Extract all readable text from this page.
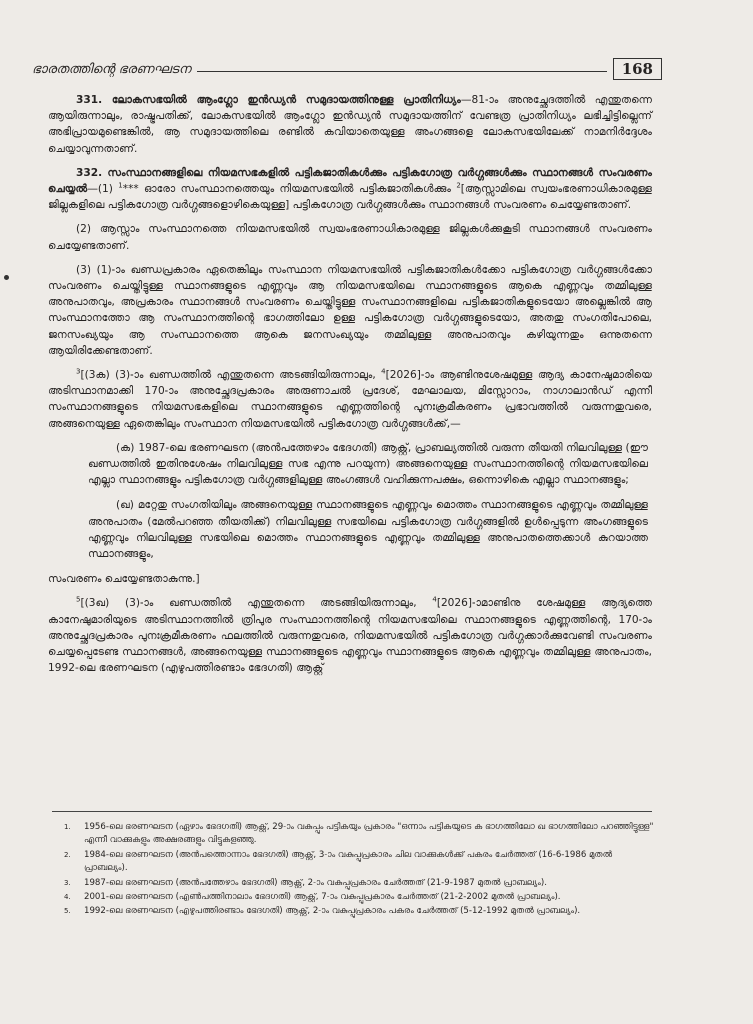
ഭാരതത്തിന്റെ ഭരണഘടന	168

331. ലോകസഭയിൽ ആംഗ്ലോ ഇൻഡ്യൻ സമുദായത്തിനുള്ള പ്രാതിനിധ്യം—81-ാം അനുച്ഛേദത്തിൽ എന്തുതന്നെ ആയിരുന്നാലും, രാഷ്ട്രപതിക്ക്, ലോകസഭയിൽ ആംഗ്ലോ ഇൻഡ്യൻ സമുദായത്തിന് വേണ്ടത്ര പ്രാതിനിധ്യം ലഭിച്ചിട്ടില്ലെന്ന് അഭിപ്രായമുണ്ടെങ്കിൽ, ആ സമുദായത്തിലെ രണ്ടിൽ കവിയാതെയുള്ള അംഗങ്ങളെ ലോകസഭയിലേക്ക് നാമനിർദ്ദേശം ചെയ്യാവുന്നതാണ്.

332. സംസ്ഥാനങ്ങളിലെ നിയമസഭകളിൽ പട്ടികജാതികൾക്കും പട്ടികഗോത്ര വർഗ്ഗങ്ങൾക്കും സ്ഥാനങ്ങൾ സംവരണം ചെയ്യൽ—(1) $^1$*** ഓരോ സംസ്ഥാനത്തെയും നിയമസഭയിൽ പട്ടികജാതികൾക്കും $^2$[ആസ്സാമിലെ സ്വയംഭരണാധികാരമുള്ള ജില്ലകളിലെ പട്ടികഗോത്ര വർഗ്ഗങ്ങളൊഴികെയുള്ള] പട്ടികഗോത്ര വർഗ്ഗങ്ങൾക്കും സ്ഥാനങ്ങൾ സംവരണം ചെയ്യേണ്ടതാണ്.

(2) ആസ്സാം സംസ്ഥാനത്തെ നിയമസഭയിൽ സ്വയംഭരണാധികാരമുള്ള ജില്ലകൾക്കുകൂടി സ്ഥാനങ്ങൾ സംവരണം ചെയ്യേണ്ടതാണ്.

(3) (1)-ാം ഖണ്ഡപ്രകാരം ഏതെങ്കിലും സംസ്ഥാന നിയമസഭയിൽ പട്ടികജാതികൾക്കോ പട്ടികഗോത്ര വർഗ്ഗങ്ങൾക്കോ സംവരണം ചെയ്തിട്ടുള്ള സ്ഥാനങ്ങളുടെ എണ്ണവും ആ നിയമസഭയിലെ സ്ഥാനങ്ങളുടെ ആകെ എണ്ണവും തമ്മിലുള്ള അനുപാതവും, അപ്രകാരം സ്ഥാനങ്ങൾ സംവരണം ചെയ്തിട്ടുള്ള സംസ്ഥാനങ്ങളിലെ പട്ടികജാതികളുടെയോ അല്ലെങ്കിൽ ആ സംസ്ഥാനത്തോ ആ സംസ്ഥാനത്തിന്റെ ഭാഗത്തിലോ ഉള്ള പട്ടികഗോത്ര വർഗ്ഗങ്ങളുടെയോ, അതതു സംഗതിപോലെ, ജനസംഖ്യയും ആ സംസ്ഥാനത്തെ ആകെ ജനസംഖ്യയും തമ്മിലുള്ള അനുപാതവും കഴിയുന്നതും ഒന്നുതന്നെ ആയിരിക്കേണ്ടതാണ്.

$^3$[(3ക) (3)-ാം ഖണ്ഡത്തിൽ എന്തുതന്നെ അടങ്ങിയിരുന്നാലും, $^4$[2026]-ാം ആണ്ടിനുശേഷമുള്ള ആദ്യ കാനേഷുമാരിയെ അടിസ്ഥാനമാക്കി 170-ാം അനുച്ഛേദപ്രകാരം അരുണാചൽ പ്രദേശ്, മേഘാലയ, മിസ്സോറാം, നാഗാലാൻഡ് എന്നീ സംസ്ഥാനങ്ങളുടെ നിയമസഭകളിലെ സ്ഥാനങ്ങളുടെ എണ്ണത്തിന്റെ പുനഃക്രമീകരണം പ്രഭാവത്തിൽ വരുന്നതുവരെ, അങ്ങനെയുള്ള ഏതെങ്കിലും സംസ്ഥാന നിയമസഭയിൽ പട്ടികഗോത്ര വർഗ്ഗങ്ങൾക്ക്,—

(ക) 1987-ലെ ഭരണഘടന (അൻപത്തേഴാം ഭേദഗതി) ആക്റ്റ്, പ്രാബല്യത്തിൽ വരുന്ന തീയതി നിലവിലുള്ള (ഈ ഖണ്ഡത്തിൽ ഇതിനുശേഷം നിലവിലുള്ള സഭ എന്നു പറയുന്ന) അങ്ങനെയുള്ള സംസ്ഥാനത്തിന്റെ നിയമസഭയിലെ എല്ലാ സ്ഥാനങ്ങളും പട്ടികഗോത്ര വർഗ്ഗങ്ങളിലുള്ള അംഗങ്ങൾ വഹിക്കുന്നപക്ഷം, ഒന്നൊഴികെ എല്ലാ സ്ഥാനങ്ങളും;

(ഖ) മറ്റേതു സംഗതിയിലും അങ്ങനെയുള്ള സ്ഥാനങ്ങളുടെ എണ്ണവും മൊത്തം സ്ഥാനങ്ങളുടെ എണ്ണവും തമ്മിലുള്ള അനുപാതം (മേൽപറഞ്ഞ തീയതിക്ക്) നിലവിലുള്ള സഭയിലെ പട്ടികഗോത്ര വർഗ്ഗങ്ങളിൽ ഉൾപ്പെടുന്ന അംഗങ്ങളുടെ എണ്ണവും നിലവിലുള്ള സഭയിലെ മൊത്തം സ്ഥാനങ്ങളുടെ എണ്ണവും തമ്മിലുള്ള അനുപാതത്തെക്കാൾ കുറയാത്ത സ്ഥാനങ്ങളും,

സംവരണം ചെയ്യേണ്ടതാകുന്നു.]

$^5$[(3ഖ) (3)-ാം ഖണ്ഡത്തിൽ എന്തുതന്നെ അടങ്ങിയിരുന്നാലും, $^4$[2026]-ാമാണ്ടിനു ശേഷമുള്ള ആദ്യത്തെ കാനേഷുമാരിയുടെ അടിസ്ഥാനത്തിൽ ത്രിപുര സംസ്ഥാനത്തിന്റെ നിയമസഭയിലെ സ്ഥാനങ്ങളുടെ എണ്ണത്തിന്റെ, 170-ാം അനുച്ഛേദപ്രകാരം പുനഃക്രമീകരണം ഫലത്തിൽ വരുന്നതുവരെ, നിയമസഭയിൽ പട്ടികഗോത്ര വർഗ്ഗക്കാർക്കുവേണ്ടി സംവരണം ചെയ്യപ്പെടേണ്ട സ്ഥാനങ്ങൾ, അങ്ങനെയുള്ള സ്ഥാനങ്ങളുടെ എണ്ണവും സ്ഥാനങ്ങളുടെ ആകെ എണ്ണവും തമ്മിലുള്ള അനുപാതം, 1992-ലെ ഭരണഘടന (എഴുപത്തിരണ്ടാം ഭേദഗതി) ആക്റ്റ്

1.	1956-ലെ ഭരണഘടന (ഏഴാം ഭേദഗതി) ആക്റ്റ്, 29-ാം വകുപ്പും പട്ടികയും പ്രകാരം "ഒന്നാം പട്ടികയുടെ ക ഭാഗത്തിലോ ഖ ഭാഗത്തിലോ പറഞ്ഞിട്ടുള്ള" എന്നീ വാക്കുകളും അക്ഷരങ്ങളും വിട്ടുകളഞ്ഞു.
2.	1984-ലെ ഭരണഘടന (അൻപത്തൊന്നാം ഭേദഗതി) ആക്റ്റ്, 3-ാം വകുപ്പുപ്രകാരം ചില വാക്കുകൾക്ക് പകരം ചേർത്തത് (16-6-1986 മുതൽ പ്രാബല്യം).
3.	1987-ലെ ഭരണഘടന (അൻപത്തേഴാം ഭേദഗതി) ആക്റ്റ്, 2-ാം വകുപ്പുപ്രകാരം ചേർത്തത് (21-9-1987 മുതൽ പ്രാബല്യം).
4.	2001-ലെ ഭരണഘടന (എൺപത്തിനാലാം ഭേദഗതി) ആക്റ്റ്, 7-ാം വകുപ്പുപ്രകാരം ചേർത്തത് (21-2-2002 മുതൽ പ്രാബല്യം).
5.	1992-ലെ ഭരണഘടന (എഴുപത്തിരണ്ടാം ഭേദഗതി) ആക്റ്റ്, 2-ാം വകുപ്പുപ്രകാരം പകരം ചേർത്തത് (5-12-1992 മുതൽ പ്രാബല്യം).
